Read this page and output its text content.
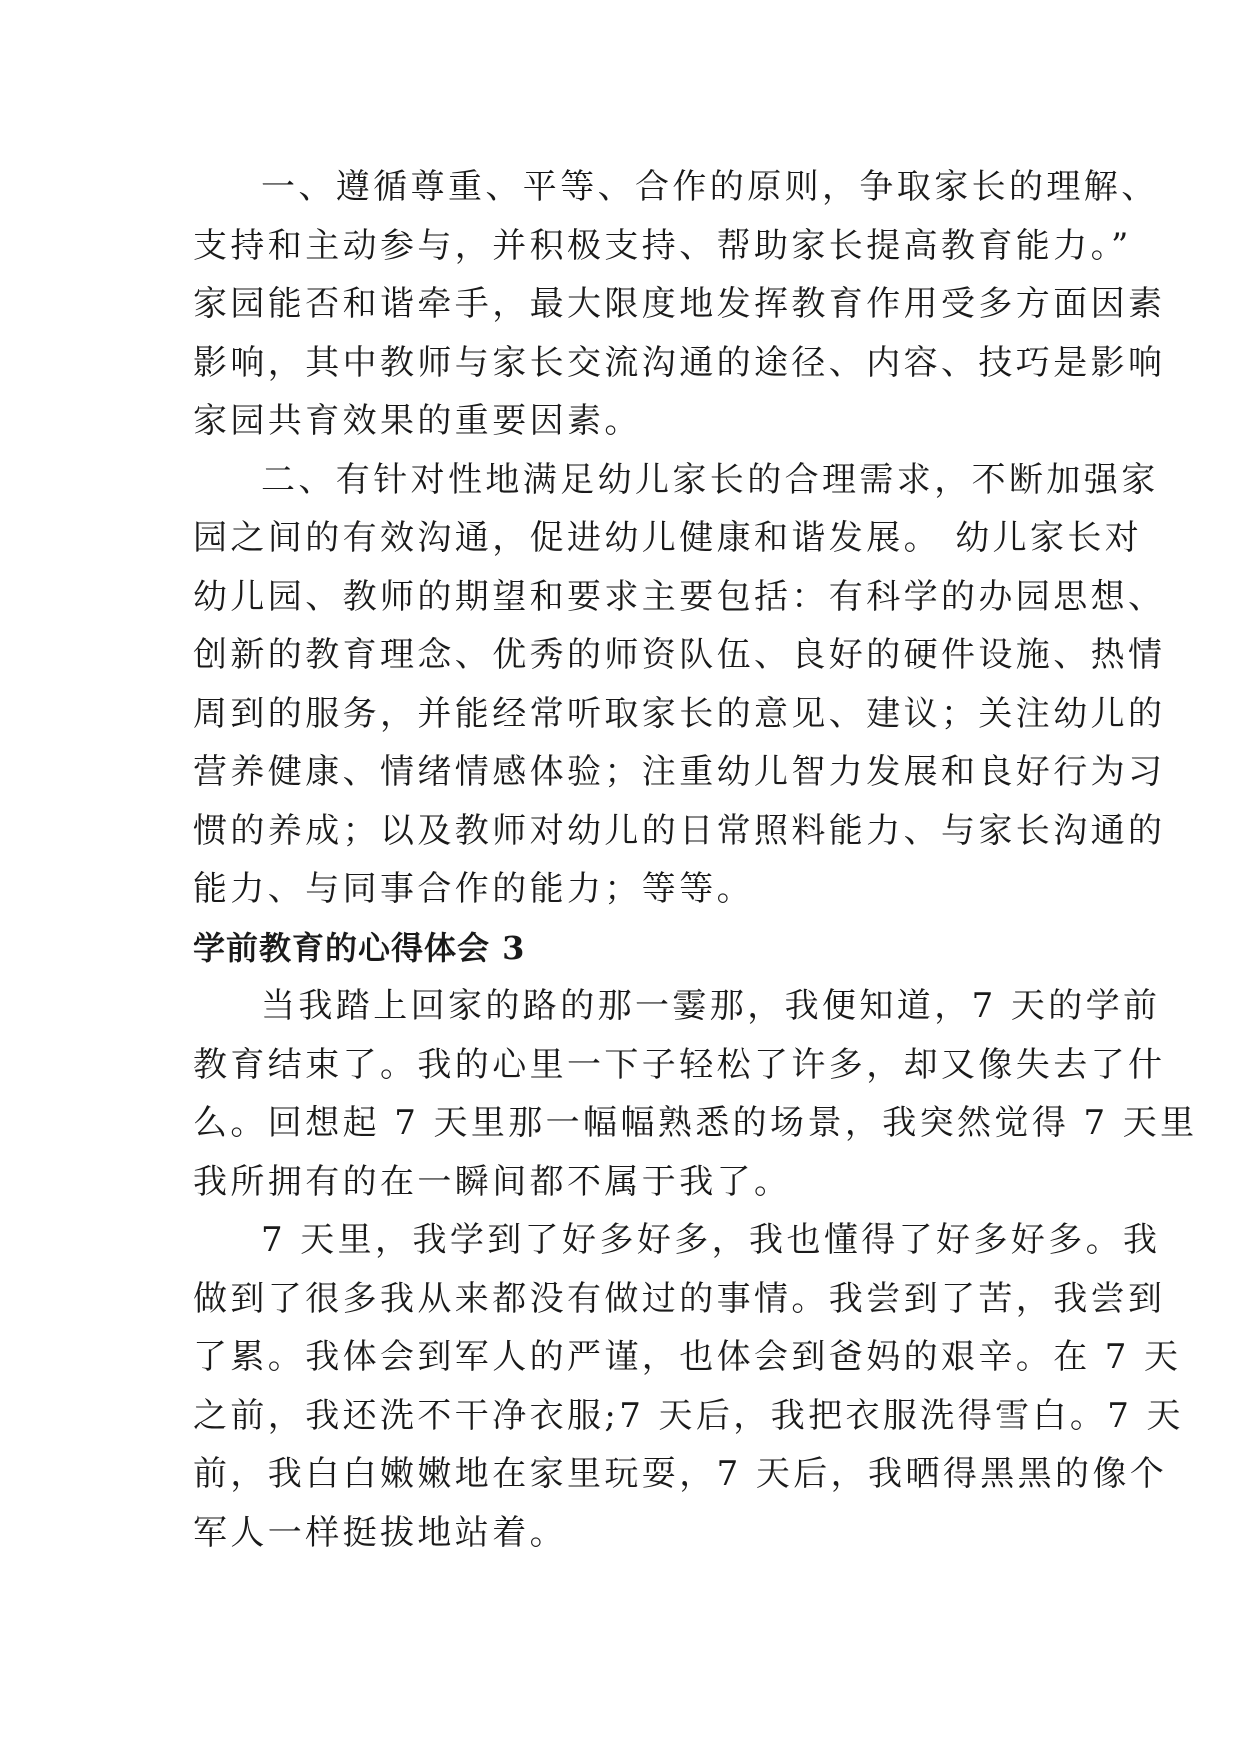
一、遵循尊重、平等、合作的原则，争取家长的理解、
支持和主动参与，并积极支持、帮助家长提高教育能力。”
家园能否和谐牵手，最大限度地发挥教育作用受多方面因素
影响，其中教师与家长交流沟通的途径、内容、技巧是影响
家园共育效果的重要因素。

二、有针对性地满足幼儿家长的合理需求，不断加强家
园之间的有效沟通，促进幼儿健康和谐发展。 幼儿家长对
幼儿园、教师的期望和要求主要包括：有科学的办园思想、
创新的教育理念、优秀的师资队伍、良好的硬件设施、热情
周到的服务，并能经常听取家长的意见、建议；关注幼儿的
营养健康、情绪情感体验；注重幼儿智力发展和良好行为习
惯的养成；以及教师对幼儿的日常照料能力、与家长沟通的
能力、与同事合作的能力；等等。

学前教育的心得体会 3

当我踏上回家的路的那一霎那，我便知道，7 天的学前
教育结束了。我的心里一下子轻松了许多，却又像失去了什
么。回想起 7 天里那一幅幅熟悉的场景，我突然觉得 7 天里
我所拥有的在一瞬间都不属于我了。

7 天里，我学到了好多好多，我也懂得了好多好多。我
做到了很多我从来都没有做过的事情。我尝到了苦，我尝到
了累。我体会到军人的严谨，也体会到爸妈的艰辛。在 7 天
之前，我还洗不干净衣服;7 天后，我把衣服洗得雪白。7 天
前，我白白嫩嫩地在家里玩耍，7 天后，我晒得黑黑的像个
军人一样挺拔地站着。
